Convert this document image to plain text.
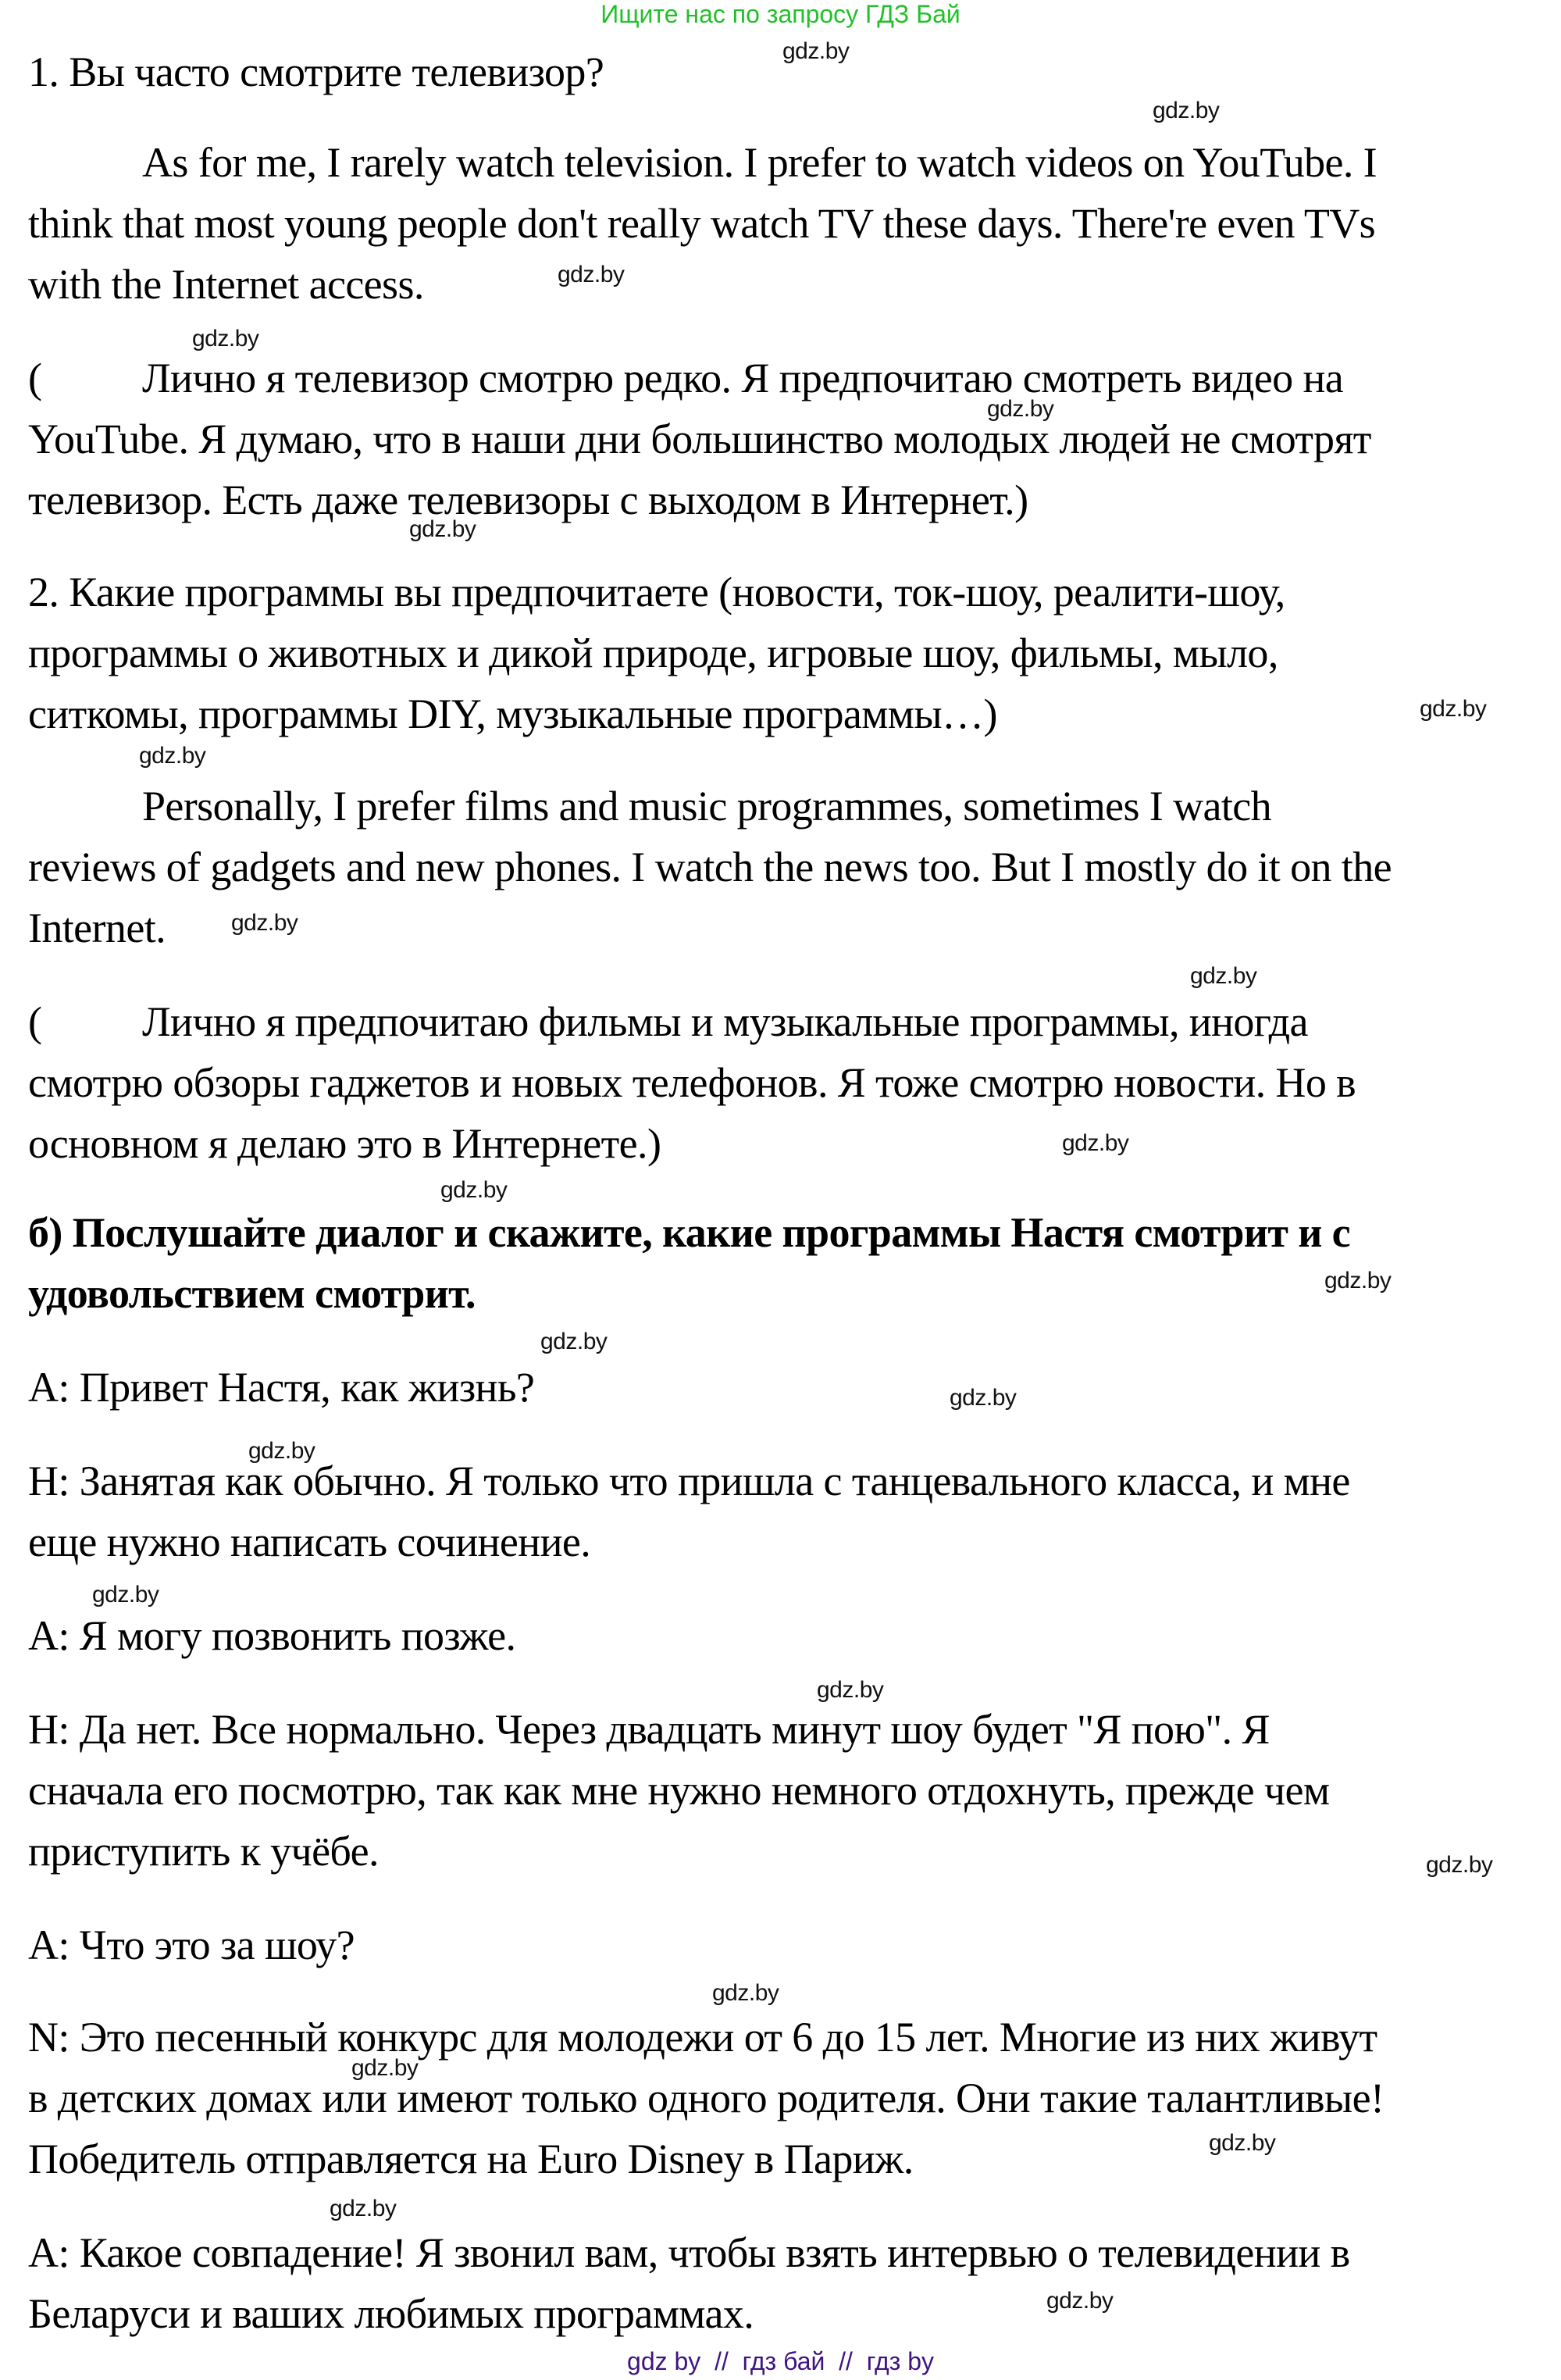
Ищите нас по запросу ГДЗ Бай
1. Вы часто смотрите телевизор?
As for me, I rarely watch television. I prefer to watch videos on YouTube. I
think that most young people don't really watch TV these days. There're even TVs
with the Internet access.
( Лично я телевизор смотрю редко. Я предпочитаю смотреть видео на
YouTube. Я думаю, что в наши дни большинство молодых людей не смотрят
телевизор. Есть даже телевизоры с выходом в Интернет.)
2. Какие программы вы предпочитаете (новости, ток-шоу, реалити-шоу,
программы о животных и дикой природе, игровые шоу, фильмы, мыло,
ситкомы, программы DIY, музыкальные программы…)
Personally, I prefer films and music programmes, sometimes I watch
reviews of gadgets and new phones. I watch the news too. But I mostly do it on the
Internet.
( Лично я предпочитаю фильмы и музыкальные программы, иногда
смотрю обзоры гаджетов и новых телефонов. Я тоже смотрю новости. Но в
основном я делаю это в Интернете.)
б) Послушайте диалог и скажите, какие программы Настя смотрит и с
удовольствием смотрит.
A: Привет Настя, как жизнь?
Н: Занятая как обычно. Я только что пришла с танцевального класса, и мне
еще нужно написать сочинение.
A: Я могу позвонить позже.
Н: Да нет. Все нормально. Через двадцать минут шоу будет "Я пою". Я
сначала его посмотрю, так как мне нужно немного отдохнуть, прежде чем
приступить к учёбе.
A: Что это за шоу?
N: Это песенный конкурс для молодежи от 6 до 15 лет. Многие из них живут
в детских домах или имеют только одного родителя. Они такие талантливые!
Победитель отправляется на Euro Disney в Париж.
A: Какое совпадение! Я звонил вам, чтобы взять интервью о телевидении в
Беларуси и ваших любимых программах.
gdz.by
gdz.by
gdz.by
gdz.by
gdz.by
gdz.by
gdz.by
gdz.by
gdz.by
gdz.by
gdz.by
gdz.by
gdz.by
gdz.by
gdz.by
gdz.by
gdz.by
gdz.by
gdz.by
gdz.by
gdz.by
gdz.by
gdz.by
gdz.by
gdz by  //  гдз бай  //  гдз by
